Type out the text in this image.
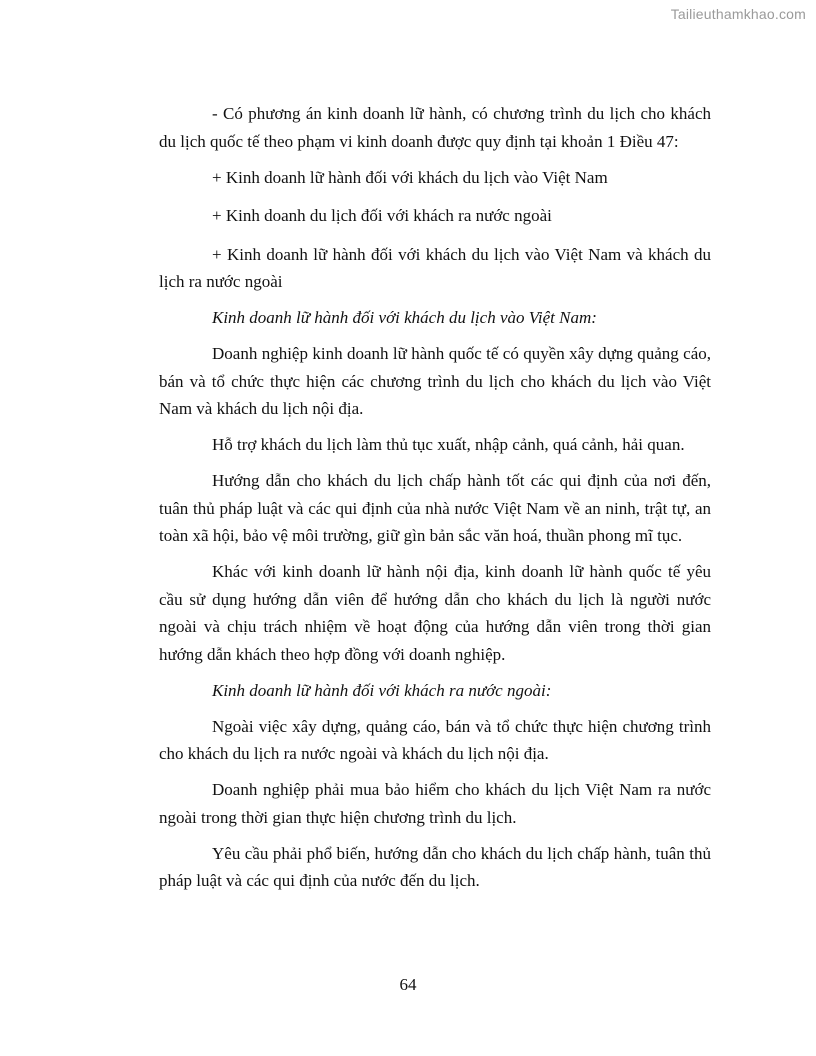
Tailieuthamkhao.com

- Có phương án kinh doanh lữ hành, có chương trình du lịch cho khách du lịch quốc tế theo phạm vi kinh doanh được quy định tại khoản 1 Điều 47:

+ Kinh doanh lữ hành đối với khách du lịch vào Việt Nam

+ Kinh doanh du lịch đối với khách ra nước ngoài

+ Kinh doanh lữ hành đối với khách du lịch vào Việt Nam và khách du lịch ra nước ngoài

Kinh doanh lữ hành đối với khách du lịch vào Việt Nam:

Doanh nghiệp kinh doanh lữ hành quốc tế có quyền xây dựng quảng cáo, bán và tổ chức thực hiện các chương trình du lịch cho khách du lịch vào Việt Nam và khách du lịch nội địa.

Hỗ trợ khách du lịch làm thủ tục xuất, nhập cảnh, quá cảnh, hải quan.

Hướng dẫn cho khách du lịch chấp hành tốt các qui định của nơi đến, tuân thủ pháp luật và các qui định của nhà nước Việt Nam về an ninh, trật tự, an toàn xã hội, bảo vệ môi trường, giữ gìn bản sắc văn hoá, thuần phong mĩ tục.

Khác với kinh doanh lữ hành nội địa, kinh doanh lữ hành quốc tế yêu cầu sử dụng hướng dẫn viên để hướng dẫn cho khách du lịch là người nước ngoài và chịu trách nhiệm về hoạt động của hướng dẫn viên trong thời gian hướng dẫn khách theo hợp đồng với doanh nghiệp.

Kinh doanh lữ hành đối với khách ra nước ngoài:

Ngoài việc xây dựng, quảng cáo, bán và tổ chức thực hiện chương trình cho khách du lịch ra nước ngoài và khách du lịch nội địa.

Doanh nghiệp phải mua bảo hiểm cho khách du lịch Việt Nam ra nước ngoài trong thời gian thực hiện chương trình du lịch.

Yêu cầu phải phổ biến, hướng dẫn cho khách du lịch chấp hành, tuân thủ pháp luật và các qui định của nước đến du lịch.

64
